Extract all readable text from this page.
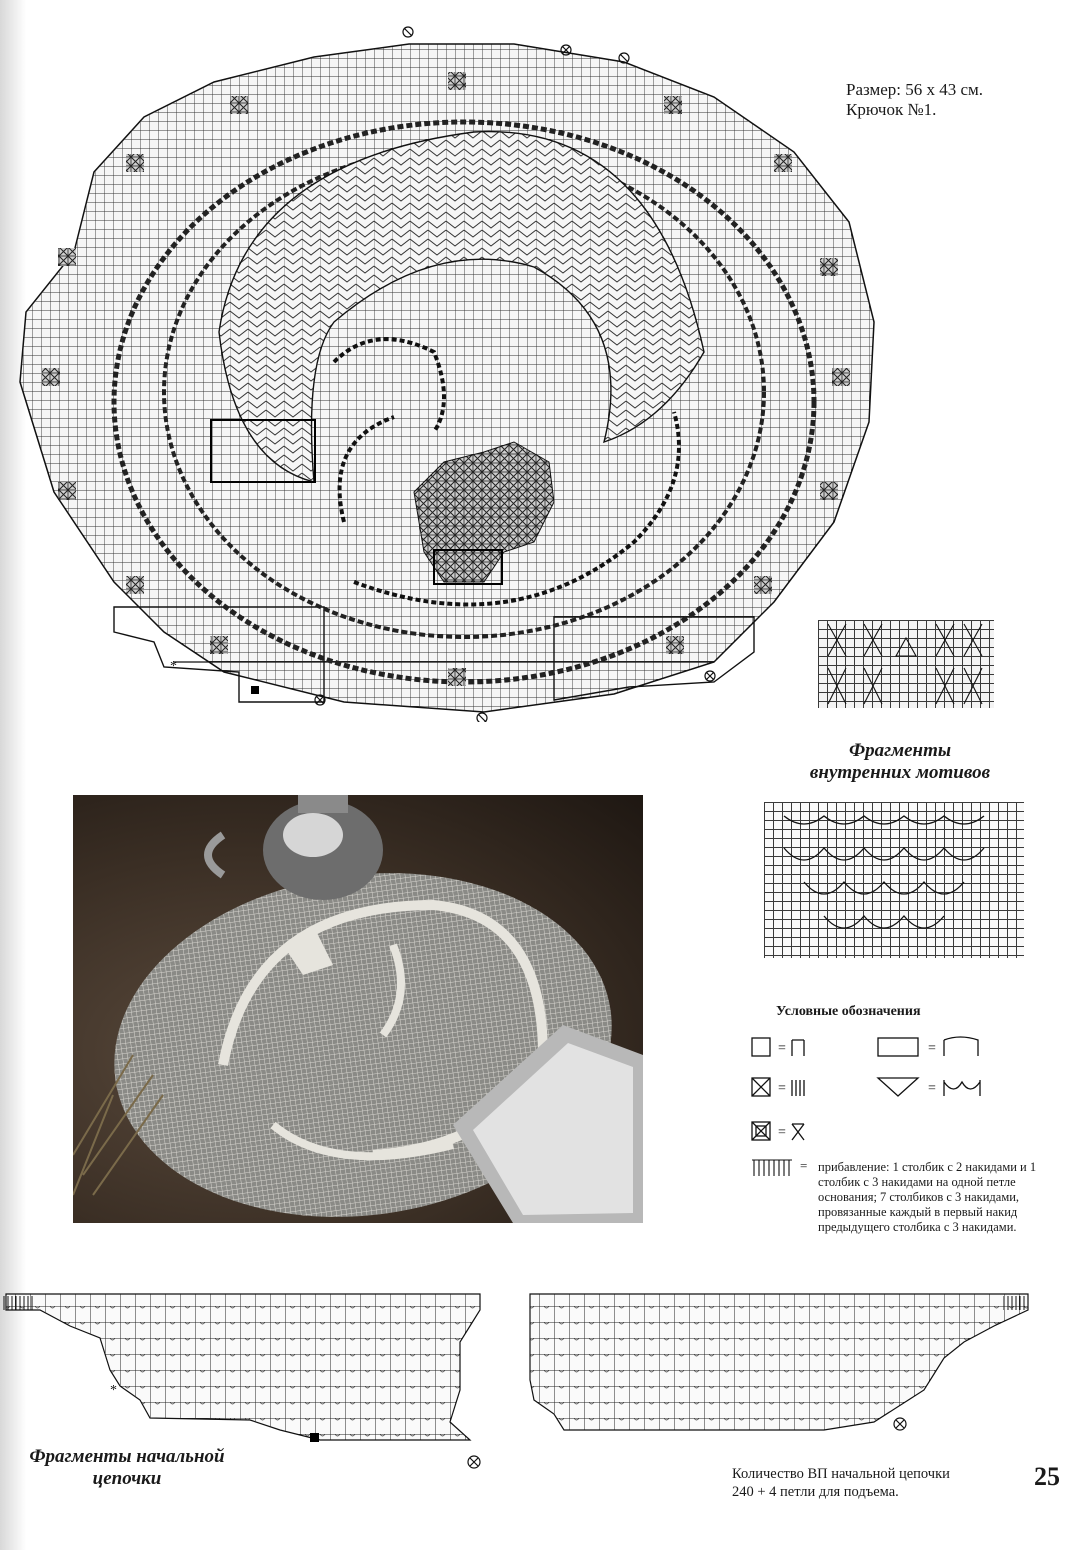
*
Размер: 56 х 43 см.
Крючок №1.
Фрагменты
внутренних мотивов
Условные обозначения
=
=
=
=
=
= прибавление: 1 столбик с 2 накидами и 1 столбик с 3 накидами на одной петле основания; 7 столбиков с 3 накидами, провязанные каждый в первый накид предыдущего столбика с 3 накидами.
*
Фрагменты начальной
цепочки	Количество ВП начальной цепочки
240 + 4 петли для подъема.
25
